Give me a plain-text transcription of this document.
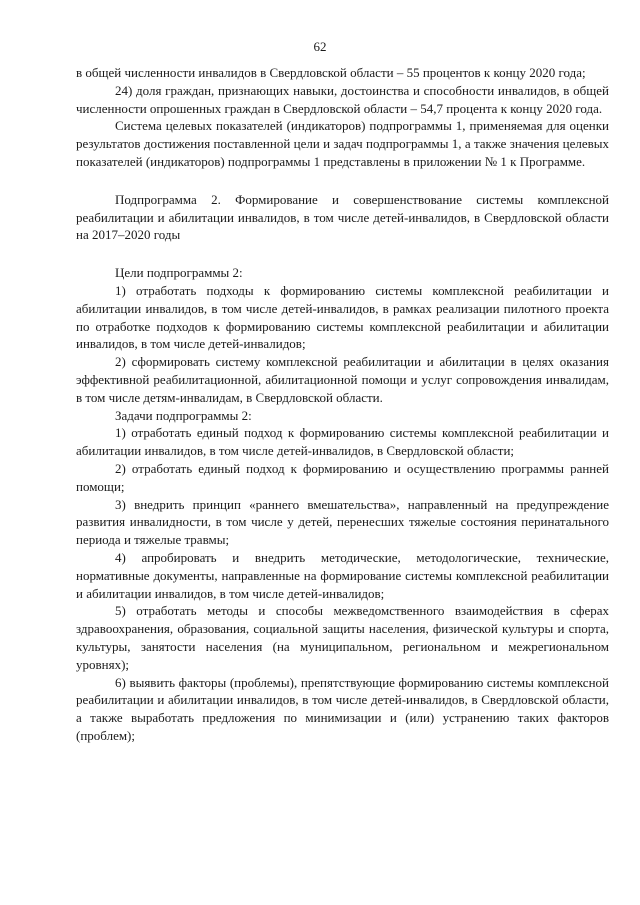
62

в общей численности инвалидов в Свердловской области – 55 процентов к концу 2020 года;

24) доля граждан, признающих навыки, достоинства и способности инвалидов, в общей численности опрошенных граждан в Свердловской области – 54,7 процента к концу 2020 года.

Система целевых показателей (индикаторов) подпрограммы 1, применяемая для оценки результатов достижения поставленной цели и задач подпрограммы 1, а также значения целевых показателей (индикаторов) подпрограммы 1 представлены в приложении № 1 к Программе.

Подпрограмма 2. Формирование и совершенствование системы комплексной реабилитации и абилитации инвалидов, в том числе детей-инвалидов, в Свердловской области на 2017–2020 годы

Цели подпрограммы 2:

1) отработать подходы к формированию системы комплексной реабилитации и абилитации инвалидов, в том числе детей-инвалидов, в рамках реализации пилотного проекта по отработке подходов к формированию системы комплексной реабилитации и абилитации инвалидов, в том числе детей-инвалидов;

2) сформировать систему комплексной реабилитации и абилитации в целях оказания эффективной реабилитационной, абилитационной помощи и услуг сопровождения инвалидам, в том числе детям-инвалидам, в Свердловской области.

Задачи подпрограммы 2:

1) отработать единый подход к формированию системы комплексной реабилитации и абилитации инвалидов, в том числе детей-инвалидов, в Свердловской области;

2) отработать единый подход к формированию и осуществлению программы ранней помощи;

3) внедрить принцип «раннего вмешательства», направленный на предупреждение развития инвалидности, в том числе у детей, перенесших тяжелые состояния перинатального периода и тяжелые травмы;

4) апробировать и внедрить методические, методологические, технические, нормативные документы, направленные на формирование системы комплексной реабилитации и абилитации инвалидов, в том числе детей-инвалидов;

5) отработать методы и способы межведомственного взаимодействия в сферах здравоохранения, образования, социальной защиты населения, физической культуры и спорта, культуры, занятости населения (на муниципальном, региональном и межрегиональном уровнях);

6) выявить факторы (проблемы), препятствующие формированию системы комплексной реабилитации и абилитации инвалидов, в том числе детей-инвалидов, в Свердловской области, а также выработать предложения по минимизации и (или) устранению таких факторов (проблем);
